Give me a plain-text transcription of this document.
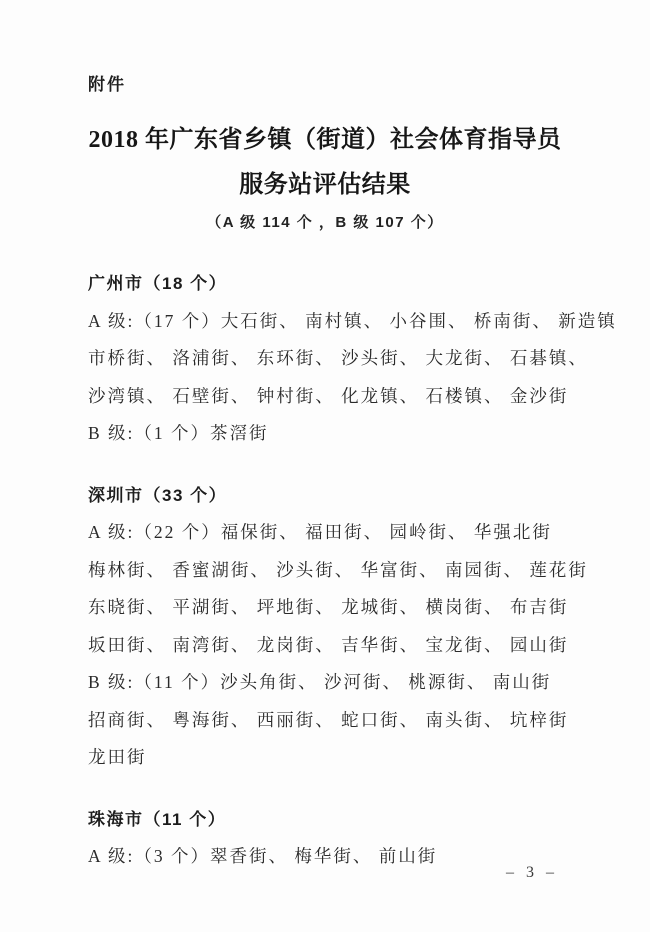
附件
2018 年广东省乡镇（街道）社会体育指导员
服务站评估结果
（A 级 114 个 ，B 级 107 个）
广州市（18 个）

A 级:（17 个）大石街、 南村镇、 小谷围、 桥南街、 新造镇

市桥街、 洛浦街、 东环街、 沙头街、 大龙街、 石碁镇、

沙湾镇、 石壁街、 钟村街、 化龙镇、 石楼镇、 金沙街

B 级:（1 个）茶滘街

深圳市（33 个）

A 级:（22 个）福保街、 福田街、 园岭街、 华强北街

梅林街、 香蜜湖街、 沙头街、 华富街、 南园街、 莲花街

东晓街、 平湖街、 坪地街、 龙城街、 横岗街、 布吉街

坂田街、 南湾街、 龙岗街、 吉华街、 宝龙街、 园山街

B 级:（11 个）沙头角街、 沙河街、 桃源街、 南山街

招商街、 粤海街、 西丽街、 蛇口街、 南头街、 坑梓街

龙田街

珠海市（11 个）

A 级:（3 个）翠香街、 梅华街、 前山街

– 3 –
